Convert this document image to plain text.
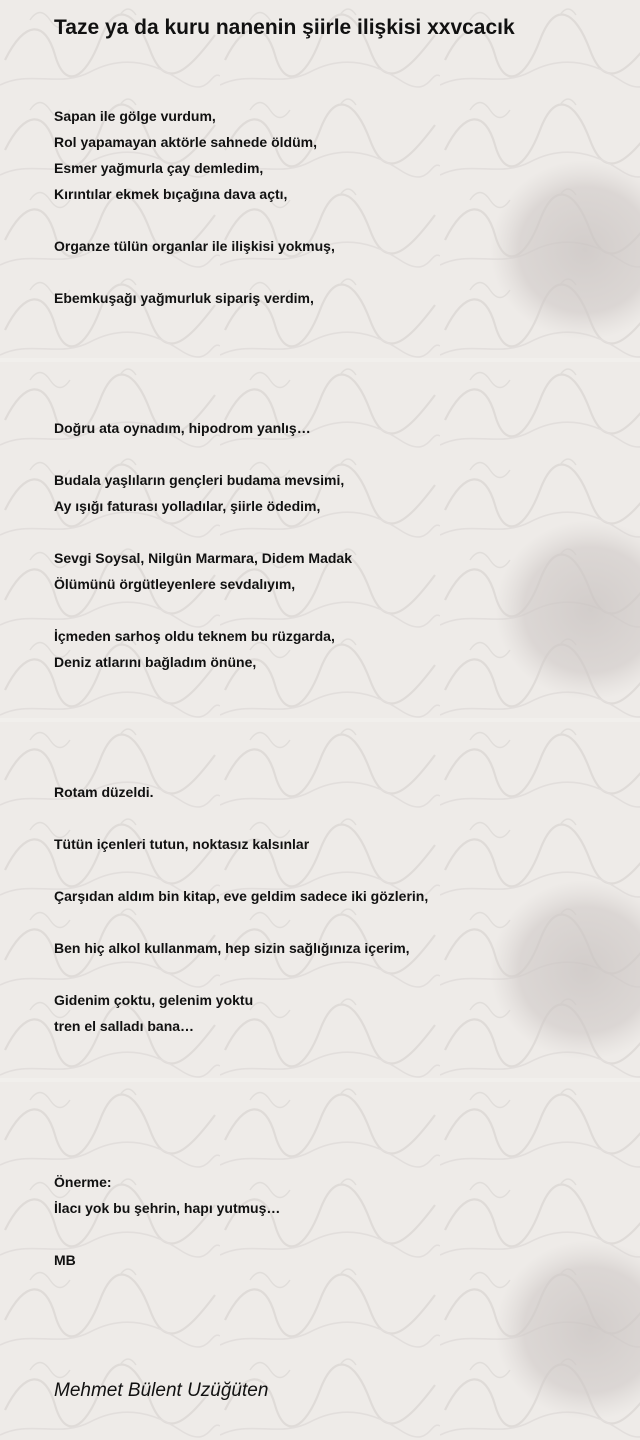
Taze ya da kuru nanenin şiirle ilişkisi xxvcacık
Sapan ile gölge vurdum,
Rol yapamayan aktörle sahnede öldüm,
Esmer yağmurla çay demledim,
Kırıntılar ekmek bıçağına dava açtı,
Organze tülün organlar ile ilişkisi yokmuş,
Ebemkuşağı yağmurluk sipariş verdim,
Doğru ata oynadım, hipodrom yanlış…
Budala yaşlıların gençleri budama mevsimi,
Ay ışığı faturası yolladılar, şiirle ödedim,
Sevgi Soysal, Nilgün Marmara, Didem Madak
Ölümünü örgütleyenlere sevdalıyım,
İçmeden sarhoş oldu teknem bu rüzgarda,
Deniz atlarını bağladım önüne,
Rotam düzeldi.
Tütün içenleri tutun, noktasız kalsınlar
Çarşıdan aldım bin kitap, eve geldim sadece iki gözlerin,
Ben hiç alkol kullanmam, hep sizin sağlığınıza içerim,
Gidenim çoktu, gelenim yoktu
tren el salladı bana…
Önerme:
İlacı yok bu şehrin, hapı yutmuş…
MB
Mehmet Bülent Uzüğüten
